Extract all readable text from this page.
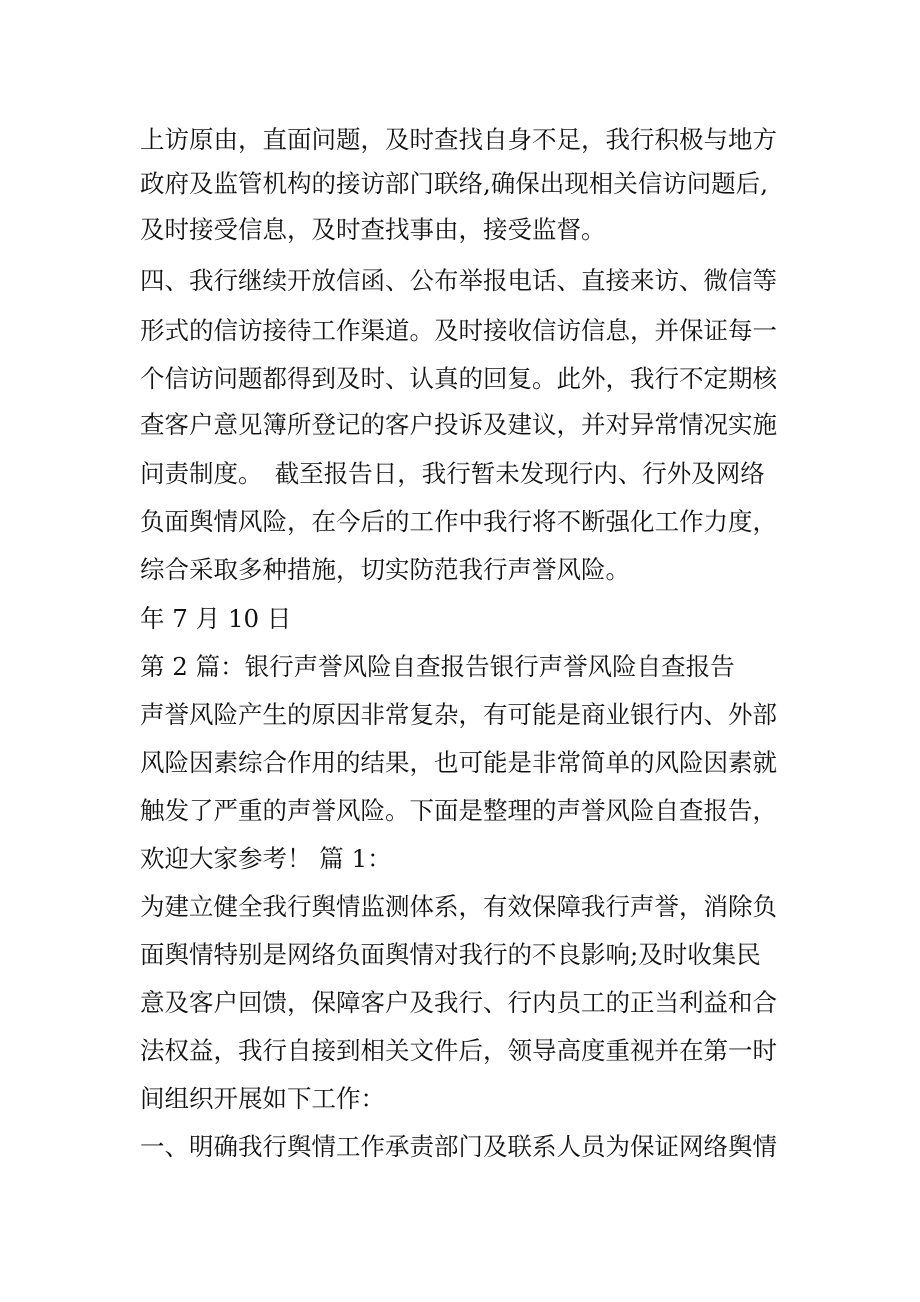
上访原由，直面问题，及时查找自身不足，我行积极与地方
政府及监管机构的接访部门联络,确保出现相关信访问题后,
及时接受信息，及时查找事由，接受监督。
四、我行继续开放信函、公布举报电话、直接来访、微信等
形式的信访接待工作渠道。及时接收信访信息，并保证每一
个信访问题都得到及时、认真的回复。此外，我行不定期核
查客户意见簿所登记的客户投诉及建议，并对异常情况实施
问责制度。　截至报告日，我行暂未发现行内、行外及网络
负面舆情风险，在今后的工作中我行将不断强化工作力度，
综合采取多种措施，切实防范我行声誉风险。
年 7 月 10 日
第 2 篇：银行声誉风险自查报告银行声誉风险自查报告
声誉风险产生的原因非常复杂，有可能是商业银行内、外部
风险因素综合作用的结果，也可能是非常简单的风险因素就
触发了严重的声誉风险。下面是整理的声誉风险自查报告，
欢迎大家参考！ 篇 1：
为建立健全我行舆情监测体系，有效保障我行声誉，消除负
面舆情特别是网络负面舆情对我行的不良影响;及时收集民
意及客户回馈，保障客户及我行、行内员工的正当利益和合
法权益，我行自接到相关文件后，领导高度重视并在第一时
间组织开展如下工作：
一、明确我行舆情工作承责部门及联系人员为保证网络舆情
